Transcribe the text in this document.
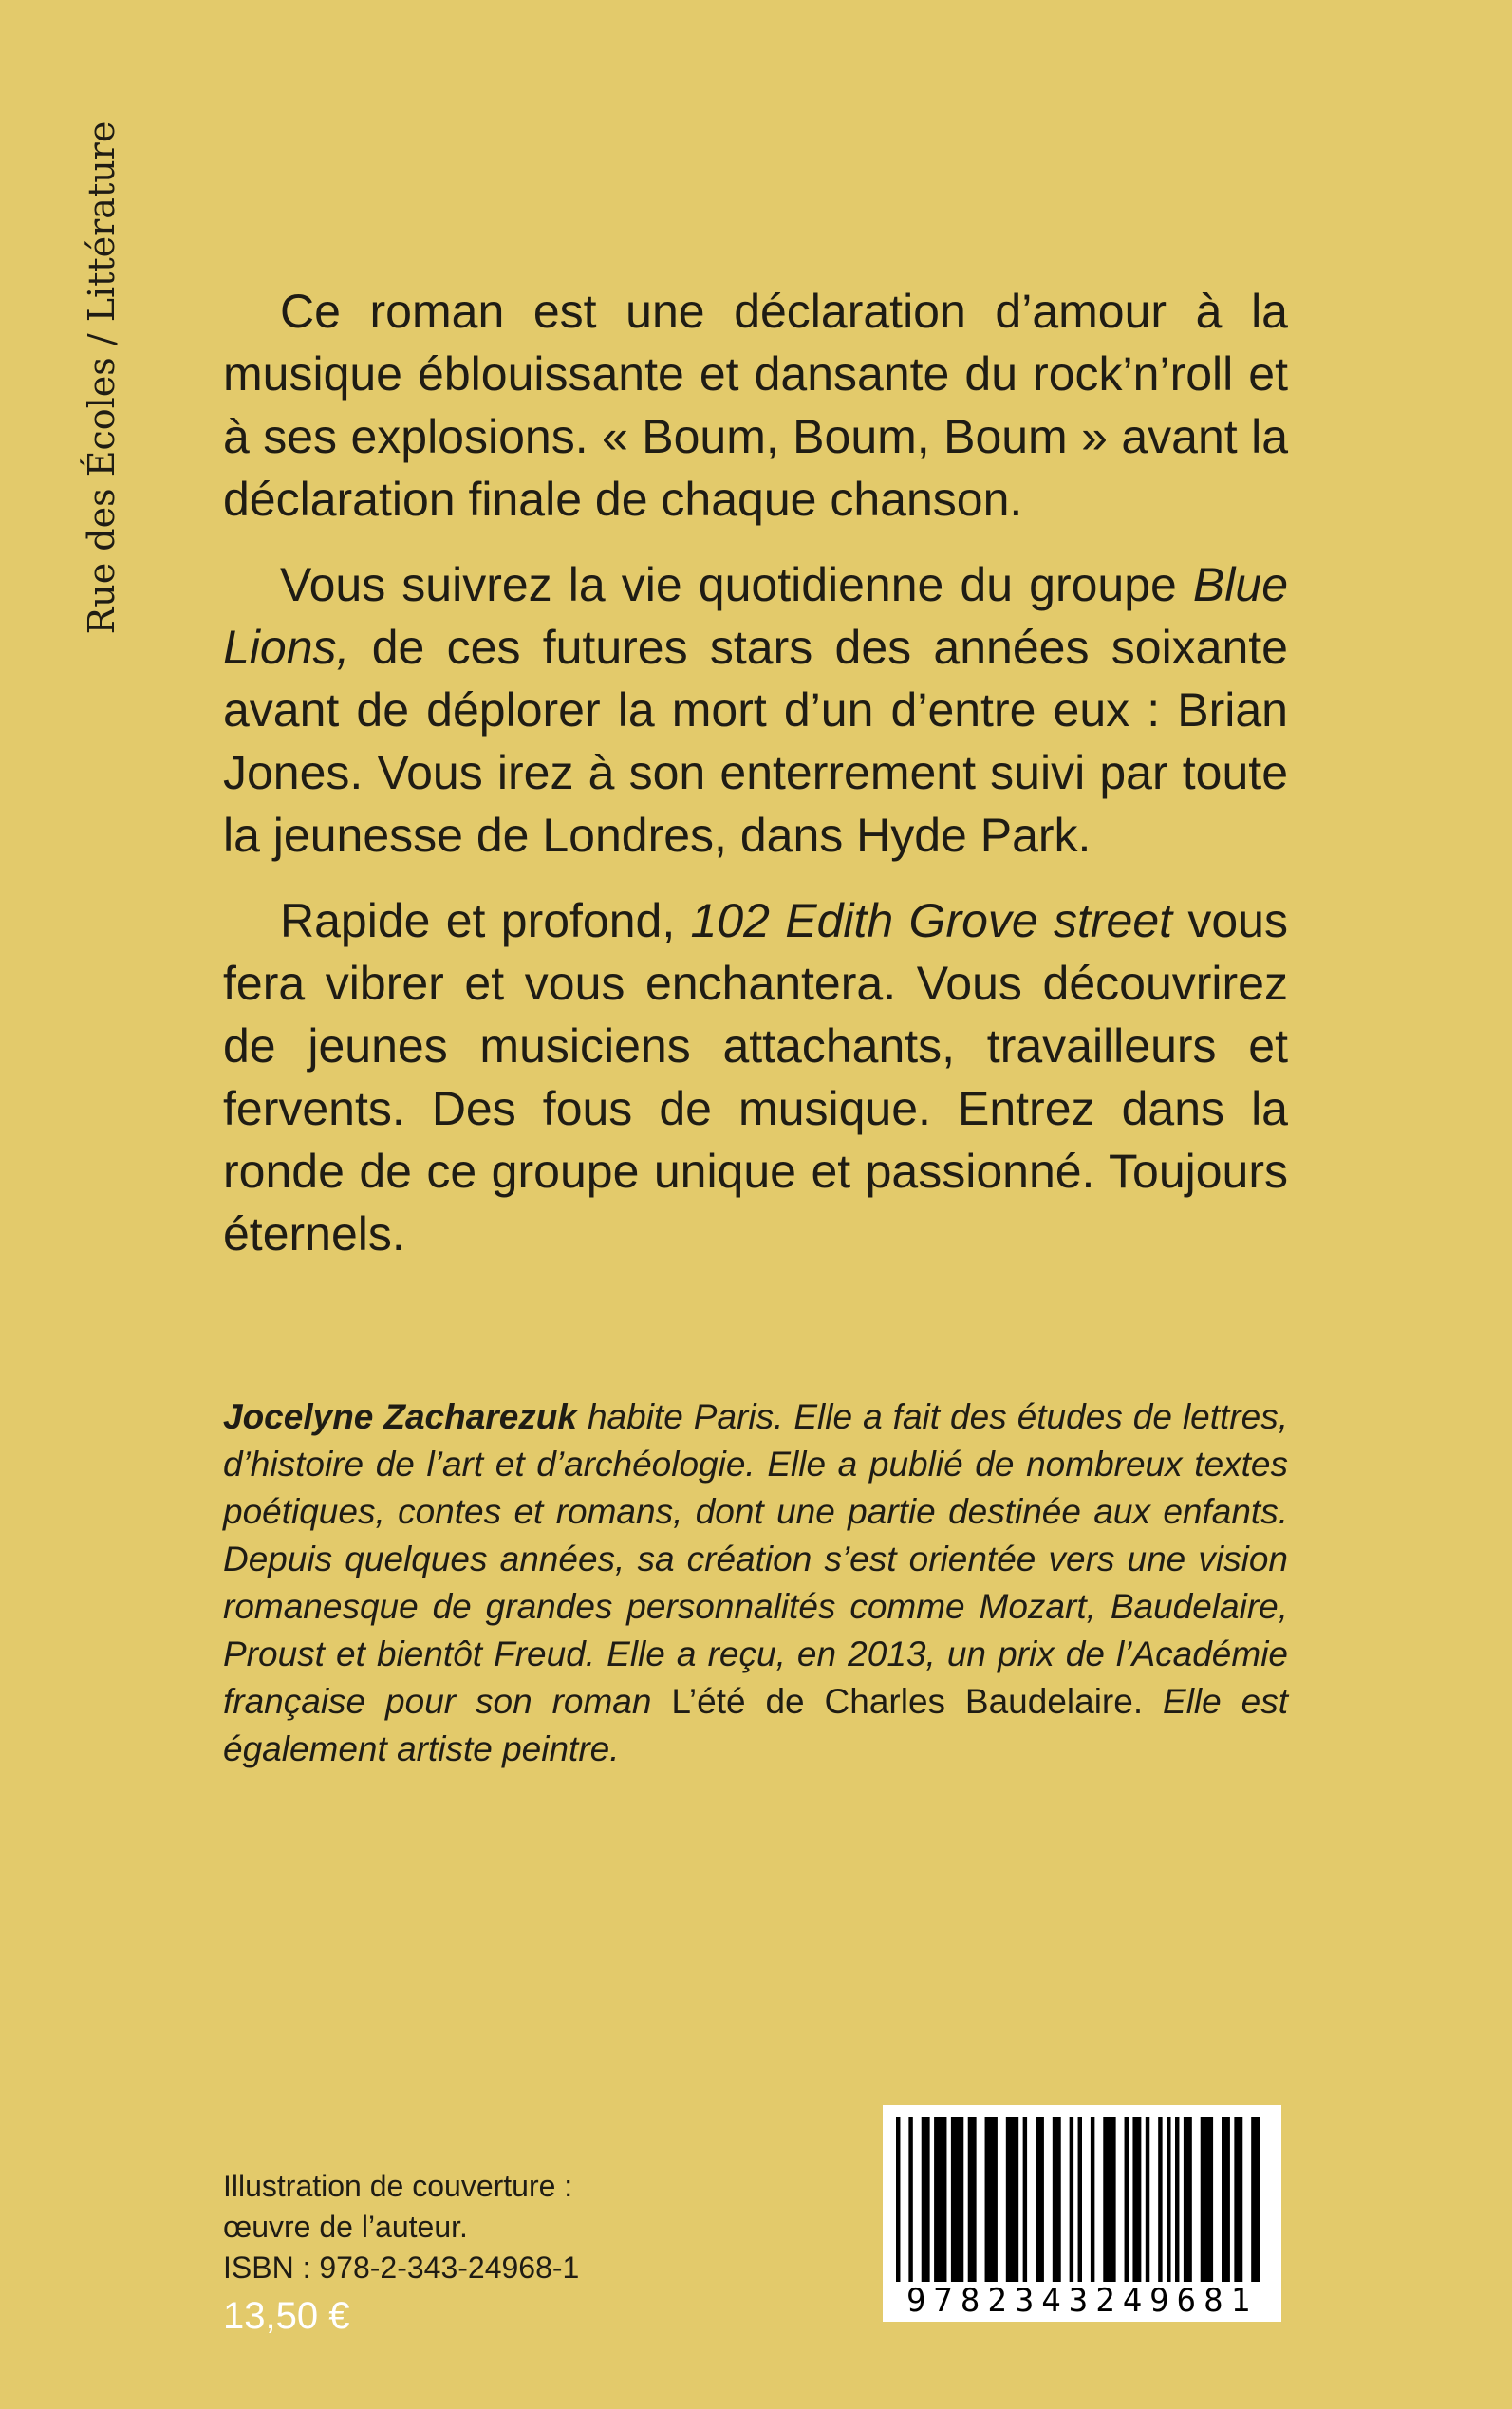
Rue des Écoles / Littérature	Ce roman est une déclaration d’amour à la musique éblouissante et dansante du rock’n’roll et à ses explosions. « Boum, Boum, Boum » avant la déclaration finale de chaque chanson.

Vous suivrez la vie quotidienne du groupe Blue Lions, de ces futures stars des années soixante avant de déplorer la mort d’un d’entre eux : Brian Jones. Vous irez à son enterrement suivi par toute la jeunesse de Londres, dans Hyde Park.

Rapide et profond, 102 Edith Grove street vous fera vibrer et vous enchantera. Vous découvrirez de jeunes musiciens attachants, travailleurs et fervents. Des fous de musique. Entrez dans la ronde de ce groupe unique et passionné. Toujours éternels.

Jocelyne Zacharezuk habite Paris. Elle a fait des études de lettres, d’histoire de l’art et d’archéologie. Elle a publié de nombreux textes poétiques, contes et romans, dont une partie destinée aux enfants. Depuis quelques années, sa création s’est orientée vers une vision romanesque de grandes personnalités comme Mozart, Baudelaire, Proust et bientôt Freud. Elle a reçu, en 2013, un prix de l’Académie française pour son roman L’été de Charles Baudelaire. Elle est également artiste peintre.

Illustration de couverture :
œuvre de l’auteur.
ISBN : 978-2-343-24968-1
13,50 €	9782343249681
